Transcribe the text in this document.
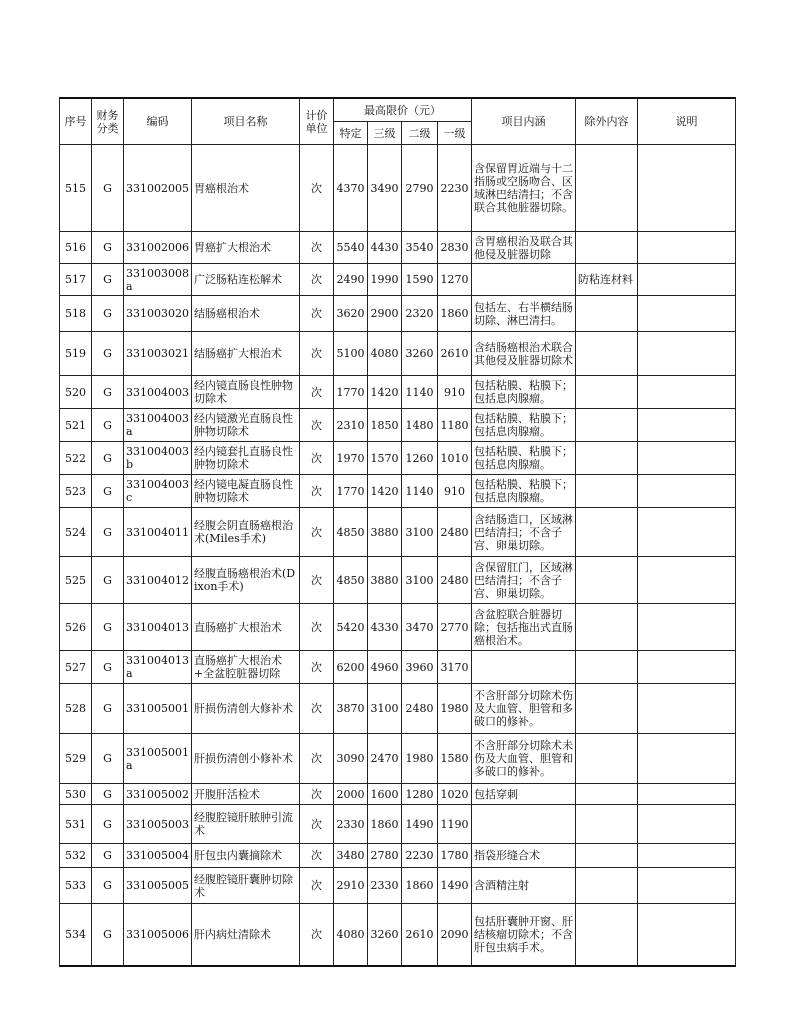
序号	财务分类	编码	项目名称	计价单位	最高限价（元）				项目内涵	除外内容	说明
					特定	三级	二级	一级			
515	G	331002005	胃癌根治术	次	4370	3490	2790	2230	含保留胃近端与十二指肠或空肠吻合、区域淋巴结清扫；不含联合其他脏器切除。		
516	G	331002006	胃癌扩大根治术	次	5540	4430	3540	2830	含胃癌根治及联合其他侵及脏器切除		
517	G	331003008a	广泛肠粘连松解术	次	2490	1990	1590	1270		防粘连材料	
518	G	331003020	结肠癌根治术	次	3620	2900	2320	1860	包括左、右半横结肠切除、淋巴清扫。		
519	G	331003021	结肠癌扩大根治术	次	5100	4080	3260	2610	含结肠癌根治术联合其他侵及脏器切除术		
520	G	331004003	经内镜直肠良性肿物切除术	次	1770	1420	1140	910	包括粘膜、粘膜下；包括息肉腺瘤。		
521	G	331004003a	经内镜激光直肠良性肿物切除术	次	2310	1850	1480	1180	包括粘膜、粘膜下；包括息肉腺瘤。		
522	G	331004003b	经内镜套扎直肠良性肿物切除术	次	1970	1570	1260	1010	包括粘膜、粘膜下；包括息肉腺瘤。		
523	G	331004003c	经内镜电凝直肠良性肿物切除术	次	1770	1420	1140	910	包括粘膜、粘膜下；包括息肉腺瘤。		
524	G	331004011	经腹会阴直肠癌根治术(Miles手术)	次	4850	3880	3100	2480	含结肠造口，区域淋巴结清扫；不含子宫、卵巢切除。		
525	G	331004012	经腹直肠癌根治术(Dixon手术)	次	4850	3880	3100	2480	含保留肛门，区域淋巴结清扫；不含子宫、卵巢切除。		
526	G	331004013	直肠癌扩大根治术	次	5420	4330	3470	2770	含盆腔联合脏器切除；包括拖出式直肠癌根治术。		
527	G	331004013a	直肠癌扩大根治术+全盆腔脏器切除	次	6200	4960	3960	3170			
528	G	331005001	肝损伤清创大修补术	次	3870	3100	2480	1980	不含肝部分切除术伤及大血管、胆管和多破口的修补。		
529	G	331005001a	肝损伤清创小修补术	次	3090	2470	1980	1580	不含肝部分切除术未伤及大血管、胆管和多破口的修补。		
530	G	331005002	开腹肝活检术	次	2000	1600	1280	1020	包括穿刺		
531	G	331005003	经腹腔镜肝脓肿引流术	次	2330	1860	1490	1190			
532	G	331005004	肝包虫内囊摘除术	次	3480	2780	2230	1780	指袋形缝合术		
533	G	331005005	经腹腔镜肝囊肿切除术	次	2910	2330	1860	1490	含酒精注射		
534	G	331005006	肝内病灶清除术	次	4080	3260	2610	2090	包括肝囊肿开窗、肝结核瘤切除术；不含肝包虫病手术。		
